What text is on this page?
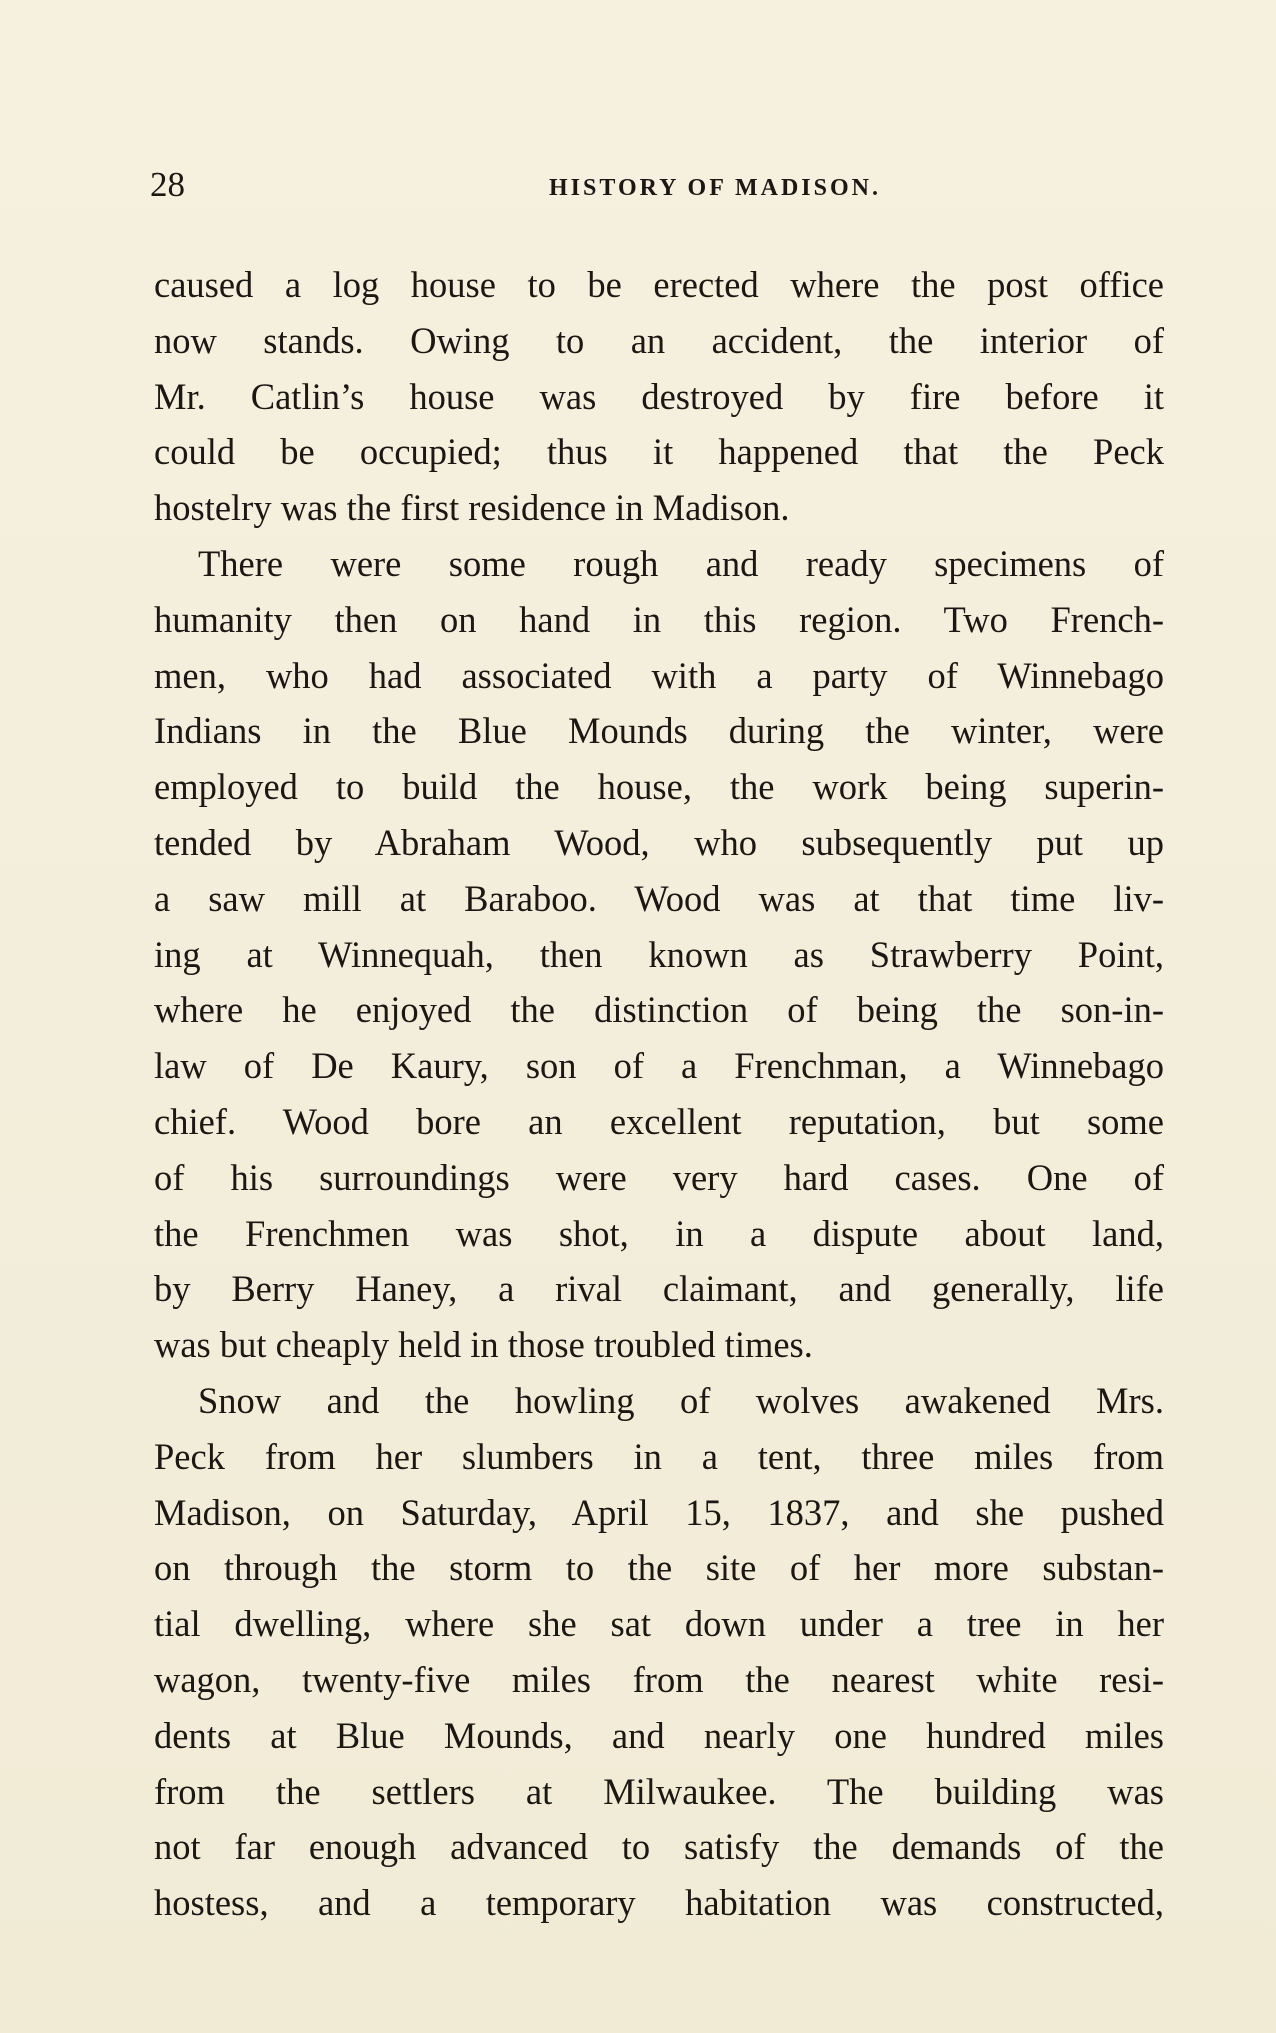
28	HISTORY OF MADISON.
caused a log house to be erected where the post office
now stands. Owing to an accident, the interior of
Mr. Catlin’s house was destroyed by fire before it
could be occupied; thus it happened that the Peck
hostelry was the first residence in Madison.
There were some rough and ready specimens of
humanity then on hand in this region. Two French-
men, who had associated with a party of Winnebago
Indians in the Blue Mounds during the winter, were
employed to build the house, the work being superin-
tended by Abraham Wood, who subsequently put up
a saw mill at Baraboo. Wood was at that time liv-
ing at Winnequah, then known as Strawberry Point,
where he enjoyed the distinction of being the son-in-
law of De Kaury, son of a Frenchman, a Winnebago
chief. Wood bore an excellent reputation, but some
of his surroundings were very hard cases. One of
the Frenchmen was shot, in a dispute about land,
by Berry Haney, a rival claimant, and generally, life
was but cheaply held in those troubled times.
Snow and the howling of wolves awakened Mrs.
Peck from her slumbers in a tent, three miles from
Madison, on Saturday, April 15, 1837, and she pushed
on through the storm to the site of her more substan-
tial dwelling, where she sat down under a tree in her
wagon, twenty-five miles from the nearest white resi-
dents at Blue Mounds, and nearly one hundred miles
from the settlers at Milwaukee. The building was
not far enough advanced to satisfy the demands of the
hostess, and a temporary habitation was constructed,
